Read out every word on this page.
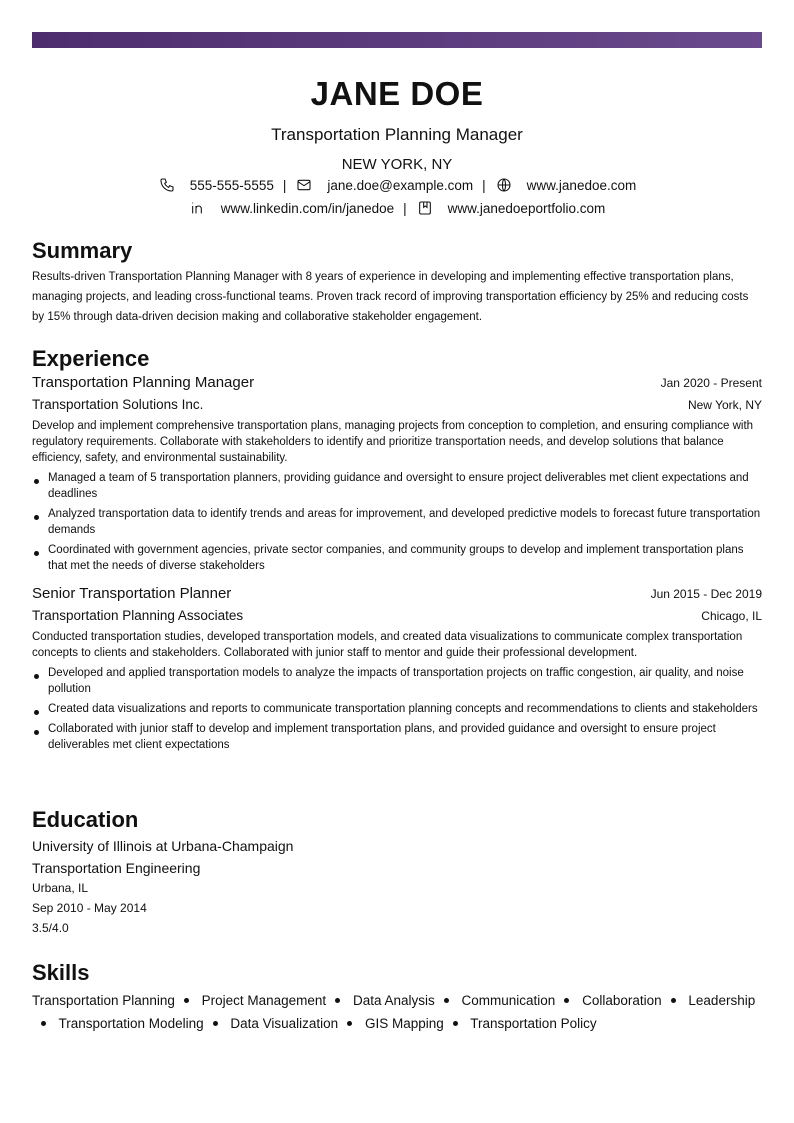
JANE DOE
Transportation Planning Manager
NEW YORK, NY
555-555-5555 |	jane.doe@example.com |	www.janedoe.com
www.linkedin.com/in/janedoe |	www.janedoeportfolio.com
Summary
Results-driven Transportation Planning Manager with 8 years of experience in developing and implementing effective transportation plans, managing projects, and leading cross-functional teams. Proven track record of improving transportation efficiency by 25% and reducing costs by 15% through data-driven decision making and collaborative stakeholder engagement.
Experience
Transportation Planning Manager	Jan 2020 - Present
Transportation Solutions Inc.	New York, NY
Develop and implement comprehensive transportation plans, managing projects from conception to completion, and ensuring compliance with regulatory requirements. Collaborate with stakeholders to identify and prioritize transportation needs, and develop solutions that balance efficiency, safety, and environmental sustainability.
Managed a team of 5 transportation planners, providing guidance and oversight to ensure project deliverables met client expectations and deadlines
Analyzed transportation data to identify trends and areas for improvement, and developed predictive models to forecast future transportation demands
Coordinated with government agencies, private sector companies, and community groups to develop and implement transportation plans that met the needs of diverse stakeholders
Senior Transportation Planner	Jun 2015 - Dec 2019
Transportation Planning Associates	Chicago, IL
Conducted transportation studies, developed transportation models, and created data visualizations to communicate complex transportation concepts to clients and stakeholders. Collaborated with junior staff to mentor and guide their professional development.
Developed and applied transportation models to analyze the impacts of transportation projects on traffic congestion, air quality, and noise pollution
Created data visualizations and reports to communicate transportation planning concepts and recommendations to clients and stakeholders
Collaborated with junior staff to develop and implement transportation plans, and provided guidance and oversight to ensure project deliverables met client expectations
Education
University of Illinois at Urbana-Champaign
Transportation Engineering
Urbana, IL
Sep 2010 - May 2014
3.5/4.0
Skills
Transportation Planning Project Management Data Analysis Communication Collaboration Leadership Transportation Modeling Data Visualization GIS Mapping Transportation Policy
